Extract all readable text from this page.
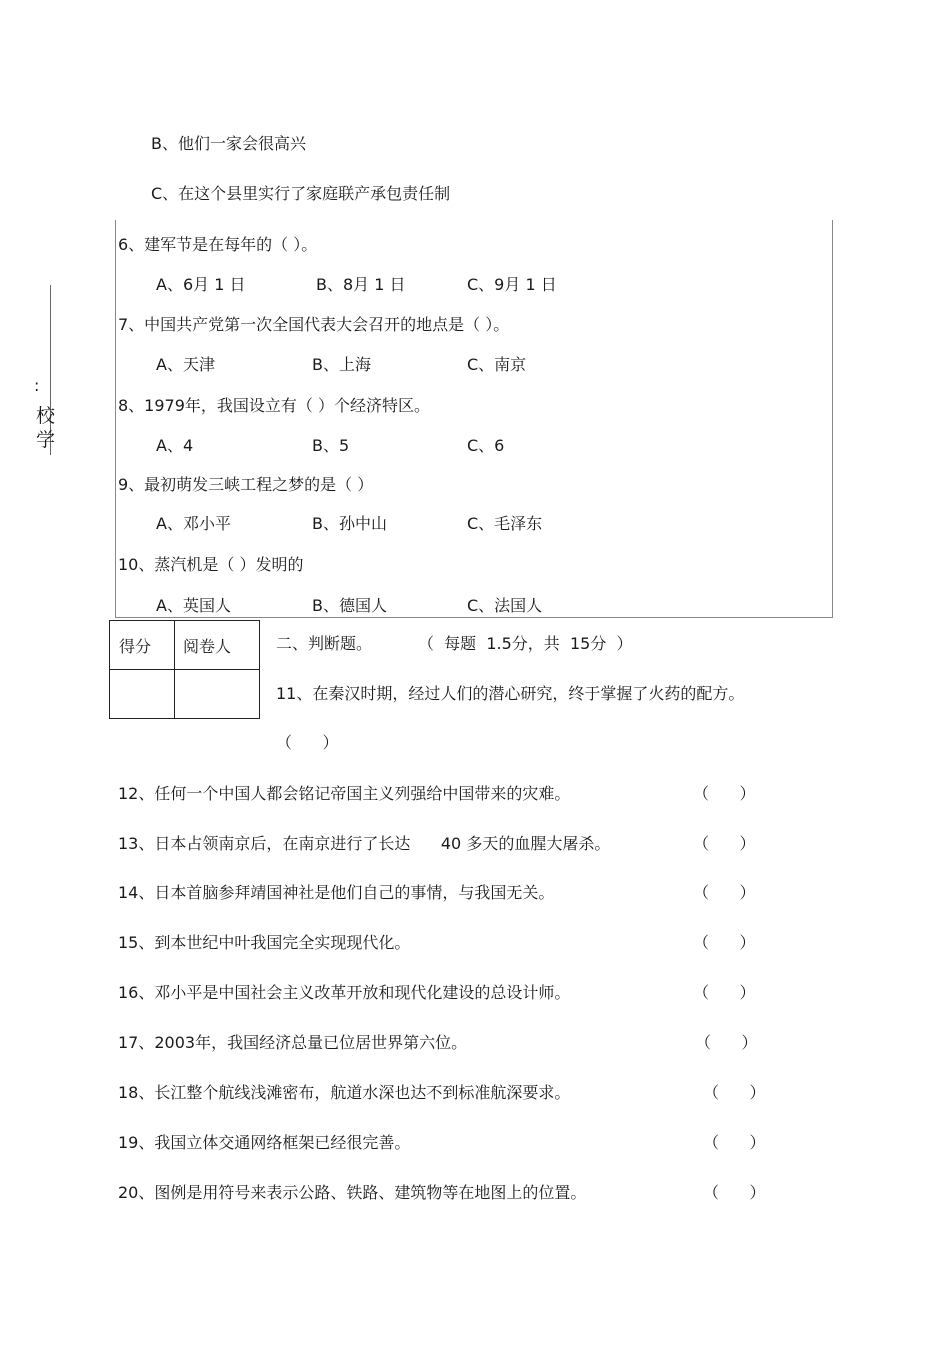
B、他们一家会很高兴
C、在这个县里实行了家庭联产承包责任制
:
校
学
6、建军节是在每年的（ ）。
A、6月 1 日	B、8月 1 日	C、9月 1 日
7、中国共产党第一次全国代表大会召开的地点是（ ）。
A、天津	B、上海	C、南京
8、1979年，我国设立有（ ）个经济特区。
A、4	B、5	C、6
9、最初萌发三峡工程之梦的是（ ）
A、邓小平	B、孙中山	C、毛泽东
10、蒸汽机是（ ）发明的
A、英国人	B、德国人	C、法国人
得分	阅卷人

		二、判断题。	（  每题  1.5分，共  15分  ）
11、在秦汉时期，经过人们的潜心研究，终于掌握了火药的配方。
（      ）
12、任何一个中国人都会铭记帝国主义列强给中国带来的灾难。	（      ）
13、日本占领南京后，在南京进行了长达      40 多天的血腥大屠杀。	（      ）
14、日本首脑参拜靖国神社是他们自己的事情，与我国无关。	（      ）
15、到本世纪中叶我国完全实现现代化。	（      ）
16、邓小平是中国社会主义改革开放和现代化建设的总设计师。	（      ）
17、2003年，我国经济总量已位居世界第六位。	（      ）
18、长江整个航线浅滩密布，航道水深也达不到标准航深要求。	（      ）
19、我国立体交通网络框架已经很完善。	（      ）
20、图例是用符号来表示公路、铁路、建筑物等在地图上的位置。	（      ）
